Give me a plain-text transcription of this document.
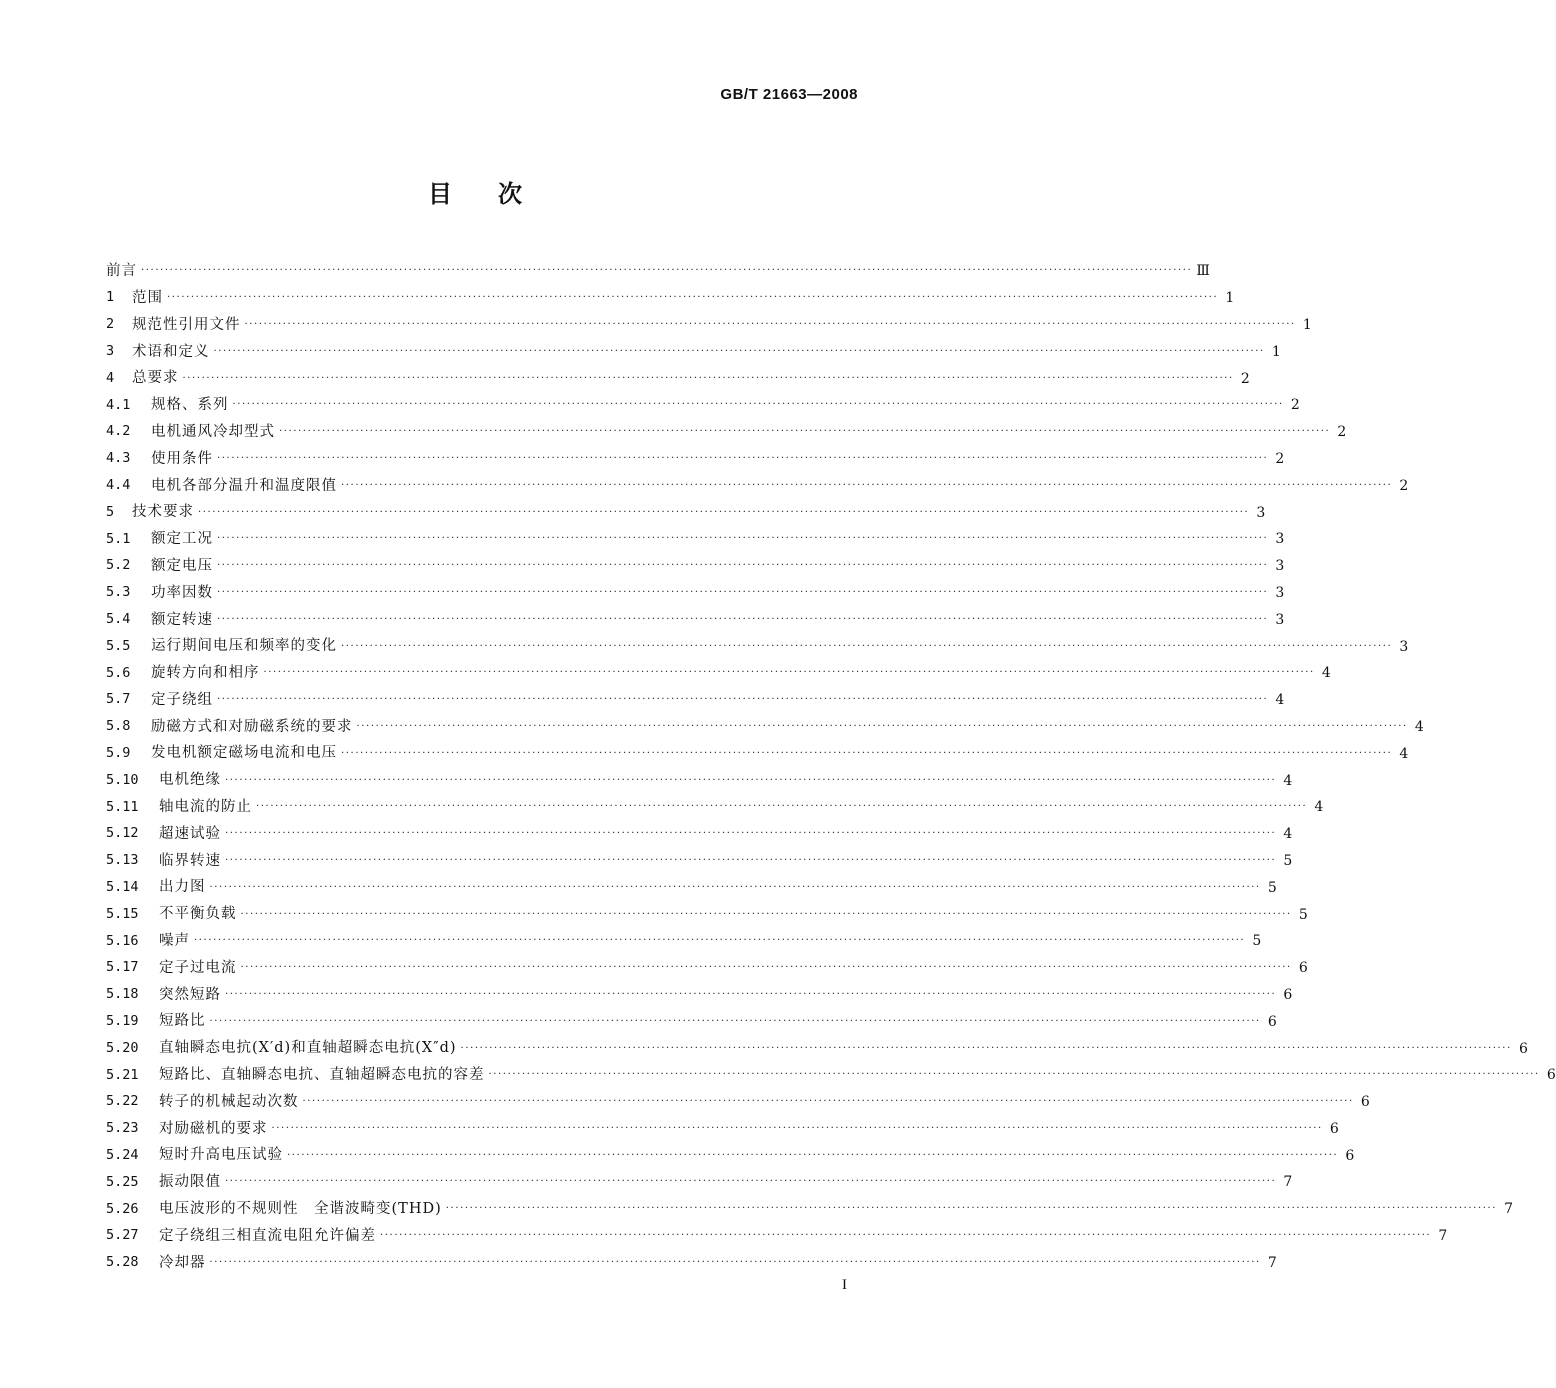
GB/T 21663—2008
目 次
前言 ···························································································································································································································· Ⅲ
1	范围 ···························································································································································································································· 1
2	规范性引用文件 ···························································································································································································································· 1
3	术语和定义 ···························································································································································································································· 1
4	总要求 ···························································································································································································································· 2
4.1	规格、系列 ···························································································································································································································· 2
4.2	电机通风冷却型式 ···························································································································································································································· 2
4.3	使用条件 ···························································································································································································································· 2
4.4	电机各部分温升和温度限值 ···························································································································································································································· 2
5	技术要求 ···························································································································································································································· 3
5.1	额定工况 ···························································································································································································································· 3
5.2	额定电压 ···························································································································································································································· 3
5.3	功率因数 ···························································································································································································································· 3
5.4	额定转速 ···························································································································································································································· 3
5.5	运行期间电压和频率的变化 ···························································································································································································································· 3
5.6	旋转方向和相序 ···························································································································································································································· 4
5.7	定子绕组 ···························································································································································································································· 4
5.8	励磁方式和对励磁系统的要求 ···························································································································································································································· 4
5.9	发电机额定磁场电流和电压 ···························································································································································································································· 4
5.10	电机绝缘 ···························································································································································································································· 4
5.11	轴电流的防止 ···························································································································································································································· 4
5.12	超速试验 ···························································································································································································································· 4
5.13	临界转速 ···························································································································································································································· 5
5.14	出力图 ···························································································································································································································· 5
5.15	不平衡负载 ···························································································································································································································· 5
5.16	噪声 ···························································································································································································································· 5
5.17	定子过电流 ···························································································································································································································· 6
5.18	突然短路 ···························································································································································································································· 6
5.19	短路比 ···························································································································································································································· 6
5.20	直轴瞬态电抗(X′d)和直轴超瞬态电抗(X″d) ···························································································································································································································· 6
5.21	短路比、直轴瞬态电抗、直轴超瞬态电抗的容差 ···························································································································································································································· 6
5.22	转子的机械起动次数 ···························································································································································································································· 6
5.23	对励磁机的要求 ···························································································································································································································· 6
5.24	短时升高电压试验 ···························································································································································································································· 6
5.25	振动限值 ···························································································································································································································· 7
5.26	电压波形的不规则性　全谐波畸变(THD) ···························································································································································································································· 7
5.27	定子绕组三相直流电阻允许偏差 ···························································································································································································································· 7
5.28	冷却器 ···························································································································································································································· 7
I
